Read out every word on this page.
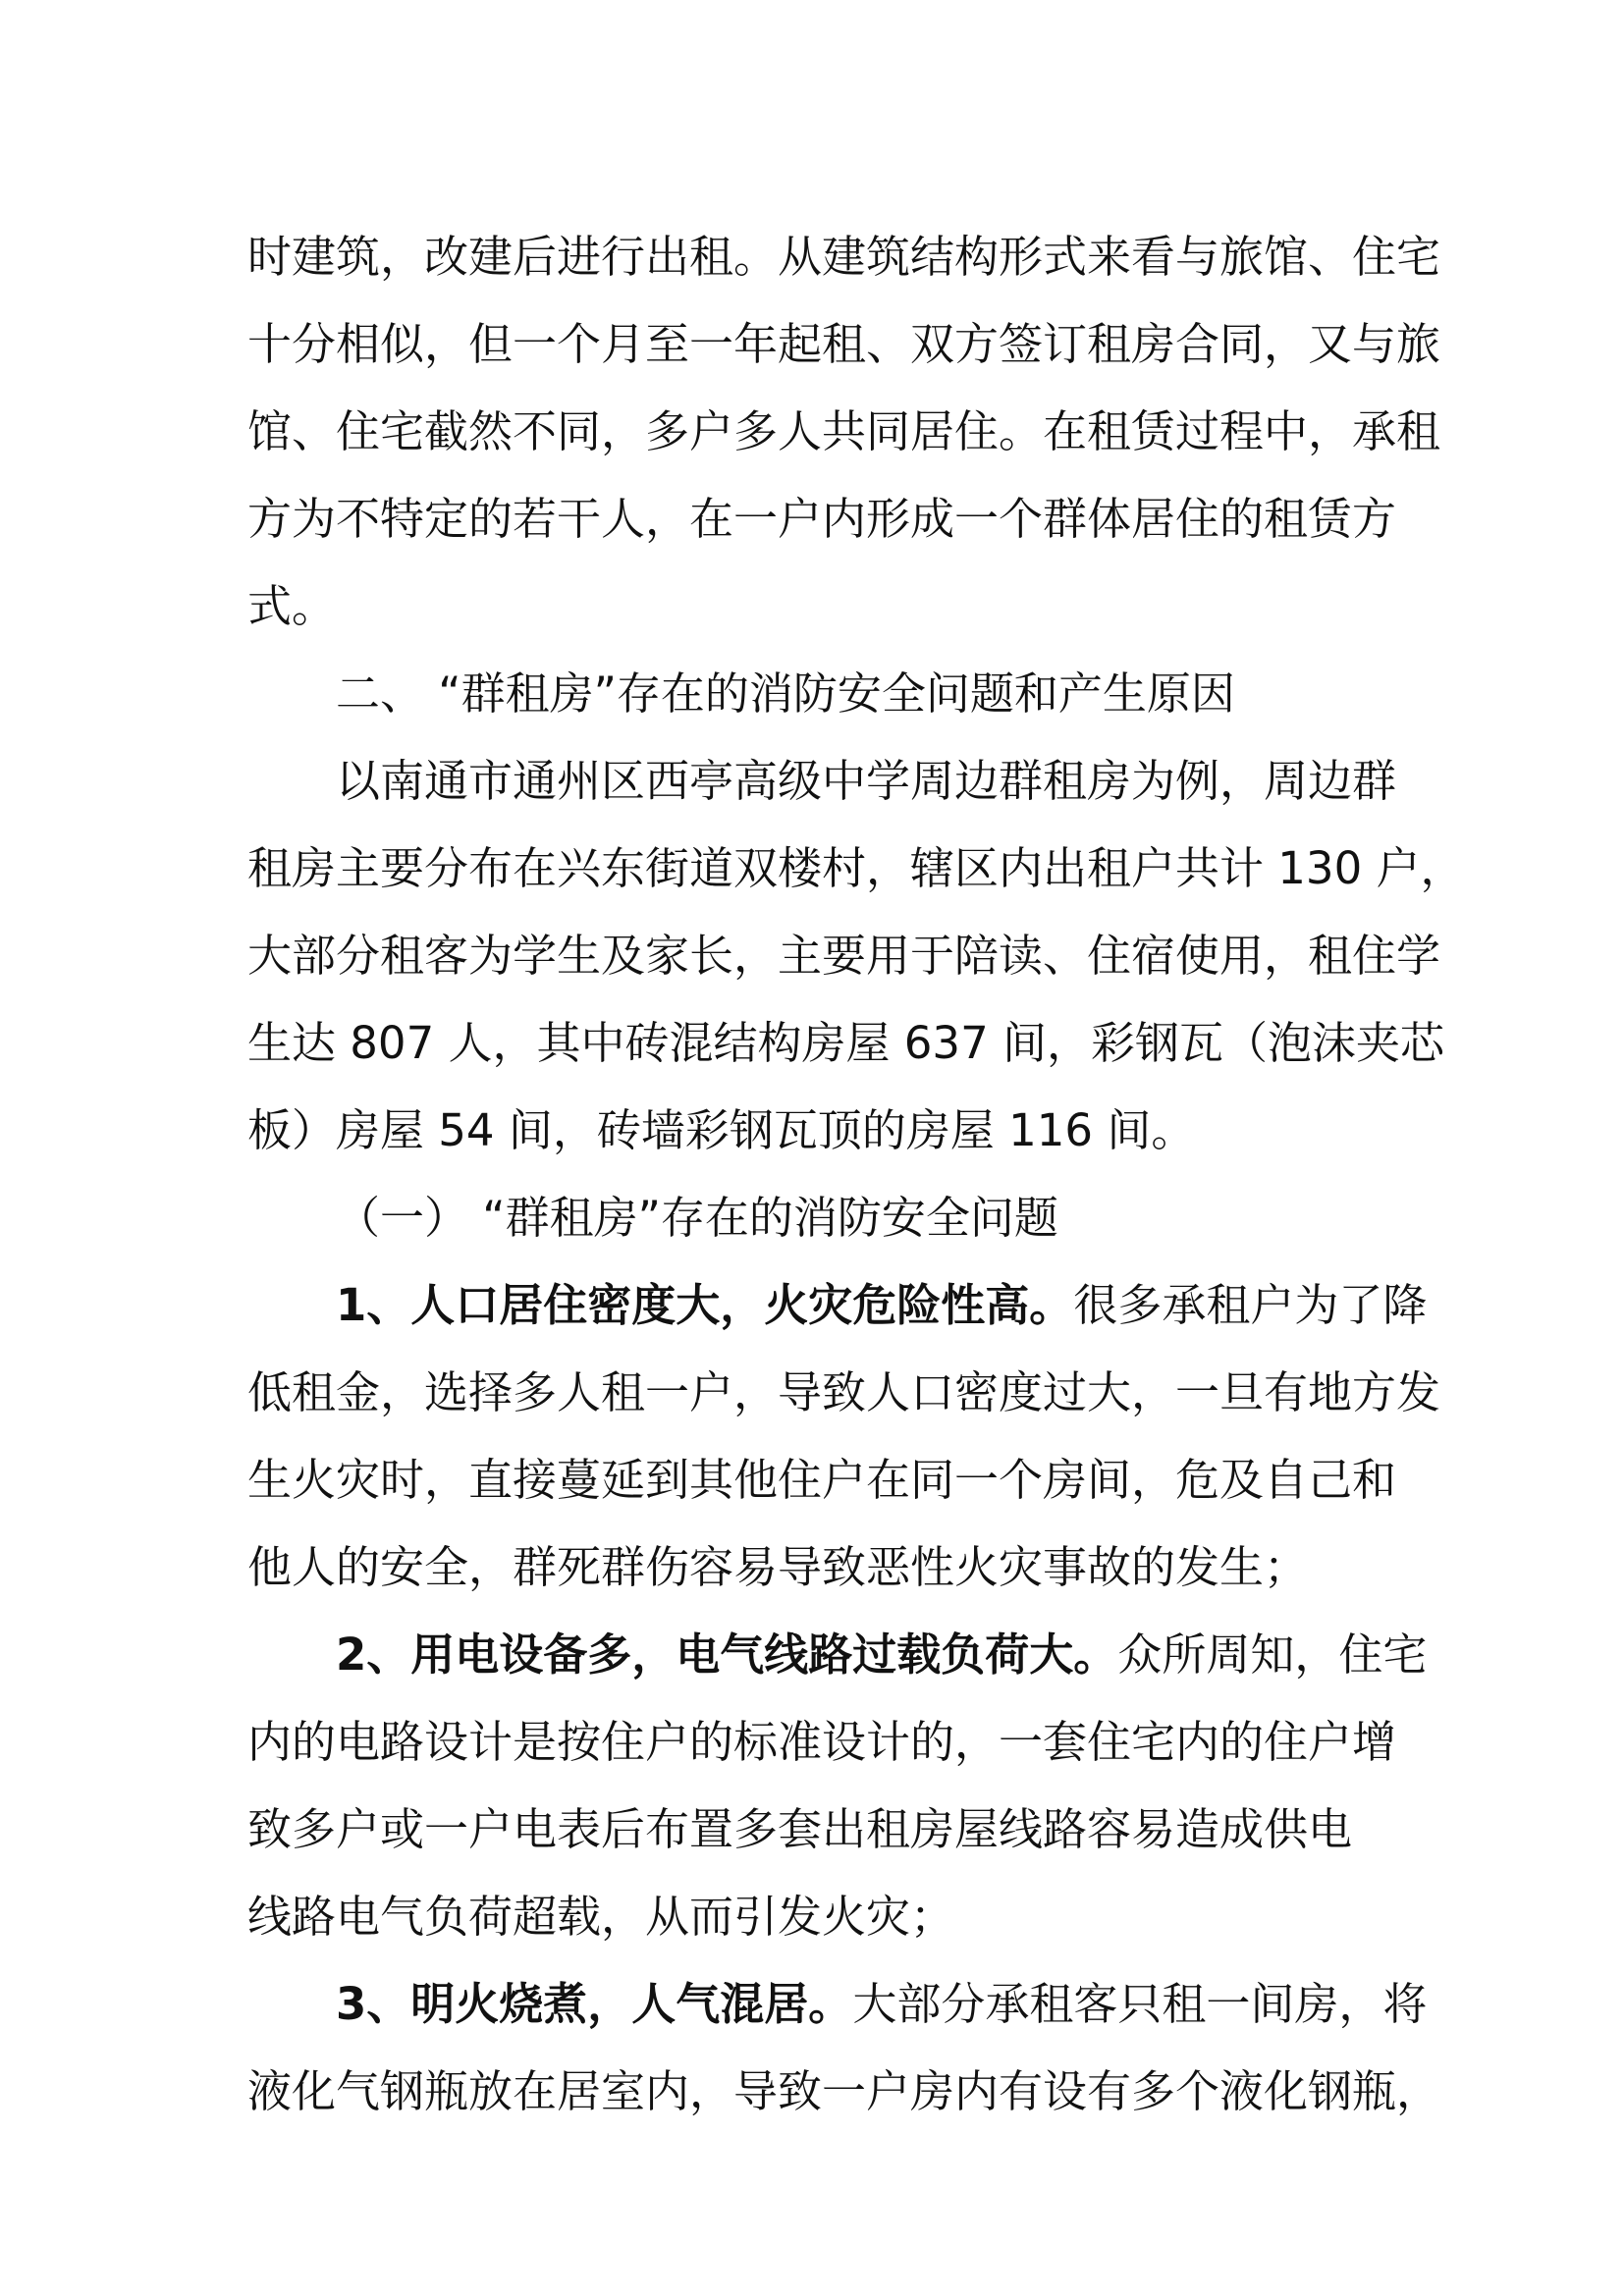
时建筑，改建后进行出租。从建筑结构形式来看与旅馆、住宅
十分相似，但一个月至一年起租、双方签订租房合同，又与旅
馆、住宅截然不同，多户多人共同居住。在租赁过程中，承租
方为不特定的若干人，在一户内形成一个群体居住的租赁方
式。
二、 “群租房”存在的消防安全问题和产生原因
以南通市通州区西亭高级中学周边群租房为例，周边群
租房主要分布在兴东街道双楼村，辖区内出租户共计 130 户，
大部分租客为学生及家长，主要用于陪读、住宿使用，租住学
生达 807 人，其中砖混结构房屋 637 间，彩钢瓦（泡沫夹芯
板）房屋 54 间，砖墙彩钢瓦顶的房屋 116 间。
（一） “群租房”存在的消防安全问题
1、人口居住密度大，火灾危险性高。很多承租户为了降
低租金，选择多人租一户，导致人口密度过大，一旦有地方发
生火灾时，直接蔓延到其他住户在同一个房间，危及自己和
他人的安全，群死群伤容易导致恶性火灾事故的发生；
2、用电设备多，电气线路过载负荷大。众所周知，住宅
内的电路设计是按住户的标准设计的，一套住宅内的住户增
致多户或一户电表后布置多套出租房屋线路容易造成供电
线路电气负荷超载，从而引发火灾；
3、明火烧煮，人气混居。大部分承租客只租一间房，将
液化气钢瓶放在居室内，导致一户房内有设有多个液化钢瓶，
